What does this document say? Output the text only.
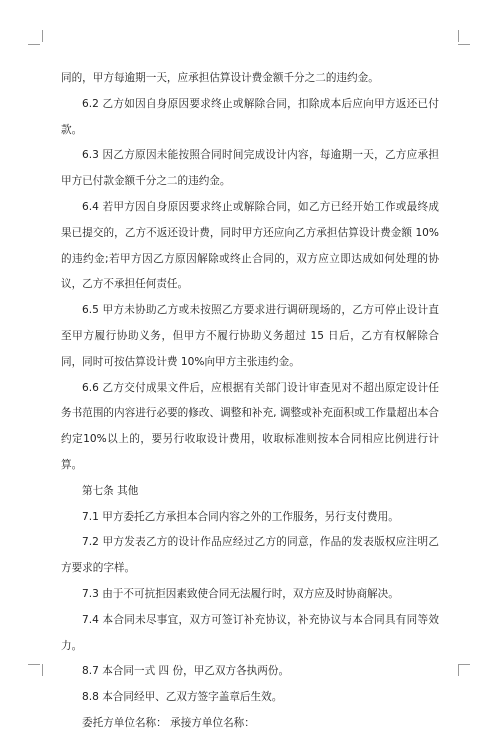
同的，甲方每逾期一天，应承担估算设计费金额千分之二的违约金。

6.2 乙方如因自身原因要求终止或解除合同，扣除成本后应向甲方返还已付款。

6.3 因乙方原因未能按照合同时间完成设计内容，每逾期一天，乙方应承担甲方已付款金额千分之二的违约金。

6.4 若甲方因自身原因要求终止或解除合同，如乙方已经开始工作或最终成果已提交的，乙方不返还设计费，同时甲方还应向乙方承担估算设计费金额 10%的违约金;若甲方因乙方原因解除或终止合同的，双方应立即达成如何处理的协议，乙方不承担任何责任。

6.5 甲方未协助乙方或未按照乙方要求进行调研现场的，乙方可停止设计直至甲方履行协助义务，但甲方不履行协助义务超过 15 日后，乙方有权解除合同，同时可按估算设计费 10%向甲方主张违约金。

6.6 乙方交付成果文件后，应根据有关部门设计审查见对不超出原定设计任务书范围的内容进行必要的修改、调整和补充, 调整或补充面积或工作量超出本合约定10%以上的，要另行收取设计费用，收取标准则按本合同相应比例进行计算。

第七条 其他

7.1 甲方委托乙方承担本合同内容之外的工作服务，另行支付费用。

7.2 甲方发表乙方的设计作品应经过乙方的同意，作品的发表版权应注明乙方要求的字样。

7.3 由于不可抗拒因素致使合同无法履行时，双方应及时协商解决。

7.4 本合同未尽事宜，双方可签订补充协议，补充协议与本合同具有同等效力。

8.7 本合同一式 四 份，甲乙双方各执两份。

8.8 本合同经甲、乙双方签字盖章后生效。

委托方单位名称： 承接方单位名称：
